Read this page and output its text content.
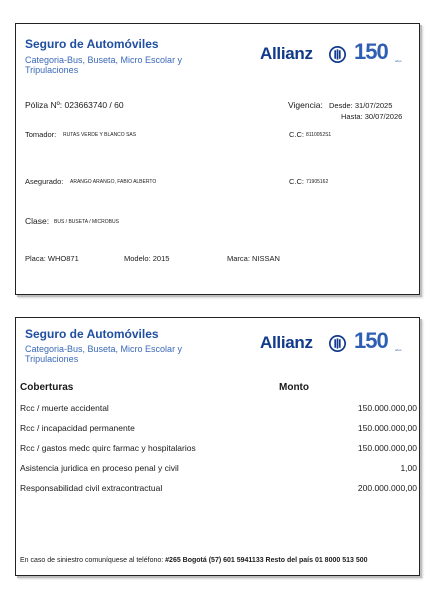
Seguro de Automóviles
Categoria-Bus, Buseta, Micro Escolar y Tripulaciones
Allianz 150 años
Póliza Nº: 023663740 / 60	Vigencia: Desde: 31/07/2025
Hasta: 30/07/2026
Tomador: RUTAS VERDE Y BLANCO SAS	C.C: 8110052S1
Asegurado: ARANGO ARANGO, FABIO ALBERTO	C.C: 71905162
Clase: BUS / BUSETA / MICROBUS
Placa: WHO871	Modelo: 2015	Marca: NISSAN
Seguro de Automóviles
Categoria-Bus, Buseta, Micro Escolar y Tripulaciones
Allianz 150 años
Coberturas	Monto
Rcc / muerte accidental	150.000.000,00
Rcc / incapacidad permanente	150.000.000,00
Rcc / gastos medc quirc farmac y hospitalarios	150.000.000,00
Asistencia juridica en proceso penal y civil	1,00
Responsabilidad civil extracontractual	200.000.000,00
En caso de siniestro comuníquese al teléfono: #265 Bogotá (57) 601 5941133 Resto del país 01 8000 513 500
